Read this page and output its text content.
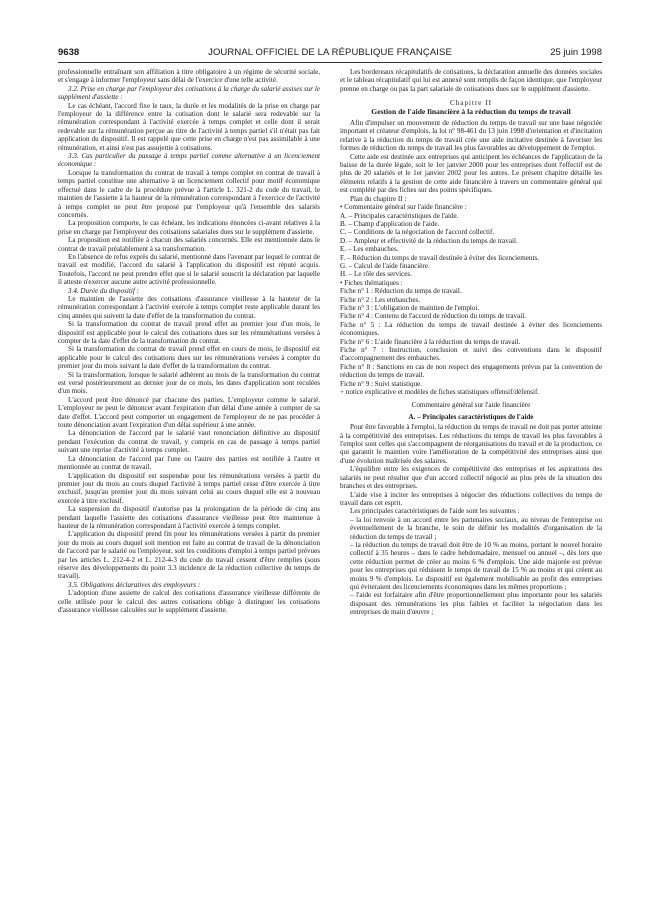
9638	JOURNAL OFFICIEL DE LA RÉPUBLIQUE FRANÇAISE	25 juin 1998

professionnelle entraînant son affiliation à titre obligatoire à un régime de sécurité sociale, et s'engage à informer l'employeur sans délai de l'exercice d'une telle activité.

3.2. Prise en charge par l'employeur des cotisations à la charge du salarié assises sur le supplément d'assiette :

Le cas échéant, l'accord fixe le taux, la durée et les modalités de la prise en charge par l'employeur de la différence entre la cotisation dont le salarié sera redevable sur la rémunération correspondant à l'activité exercée à temps complet et celle dont il serait redevable sur la rémunération perçue au titre de l'activité à temps partiel s'il n'était pas fait application du dispositif. Il est rappelé que cette prise en charge n'est pas assimilable à une rémunération, et ainsi n'est pas assujettie à cotisations.

3.3. Cas particulier du passage à temps partiel comme alternative à un licenciement économique :

Lorsque la transformation du contrat de travail à temps complet en contrat de travail à temps partiel constitue une alternative à un licenciement collectif pour motif économique effectué dans le cadre de la procédure prévue à l'article L. 321-2 du code du travail, le maintien de l'assiette à la hauteur de la rémunération correspondant à l'exercice de l'activité à temps complet ne peut être proposé par l'employeur qu'à l'ensemble des salariés concernés.

La proposition comporte, le cas échéant, les indications énoncées ci-avant relatives à la prise en charge par l'employeur des cotisations salariales dues sur le supplément d'assiette.

La proposition est notifiée à chacun des salariés concernés. Elle est mentionnée dans le contrat de travail préalablement à sa transformation.

En l'absence de refus exprès du salarié, mentionné dans l'avenant par lequel le contrat de travail est modifié, l'accord du salarié à l'application du dispositif est réputé acquis. Toutefois, l'accord ne peut prendre effet que si le salarié souscrit la déclaration par laquelle il atteste n'exercer aucune autre activité professionnelle.

3.4. Durée du dispositif :

Le maintien de l'assiette des cotisations d'assurance vieillesse à la hauteur de la rémunération correspondant à l'activité exercée à temps complet reste applicable durant les cinq années qui suivent la date d'effet de la transformation du contrat.

Si la transformation du contrat de travail prend effet au premier jour d'un mois, le dispositif est applicable pour le calcul des cotisations dues sur les rémunérations versées à compter de la date d'effet de la transformation du contrat.

Si la transformation du contrat de travail prend effet en cours de mois, le dispositif est applicable pour le calcul des cotisations dues sur les rémunérations versées à compter du premier jour du mois suivant la date d'effet de la transformation du contrat.

Si la transformation, lorsque le salarié adhèrent au mois de la transformation du contrat est versé postérieurement au dernier jour de ce mois, les dates d'application sont reculées d'un mois.

L'accord peut être dénoncé par chacune des parties. L'employeur comme le salarié. L'employeur ne peut le dénoncer avant l'expiration d'un délai d'une année à compter de sa date d'effet. L'accord peut comporter un engagement de l'employeur de ne pas procéder à toute dénonciation avant l'expiration d'un délai supérieur à une année.

La dénonciation de l'accord par le salarié vaut renonciation définitive au dispositif pendant l'exécution du contrat de travail, y compris en cas de passage à temps partiel suivant une reprise d'activité à temps complet.

La dénonciation de l'accord par l'une ou l'autre des parties est notifiée à l'autre et mentionnée au contrat de travail.

L'application du dispositif est suspendue pour les rémunérations versées à partir du premier jour du mois au cours duquel l'activité à temps partiel cesse d'être exercée à titre exclusif, jusqu'au premier jour du mois suivant celui au cours duquel elle est à nouveau exercée à titre exclusif.

La suspension du dispositif n'autorise pas la prolongation de la période de cinq ans pendant laquelle l'assiette des cotisations d'assurance vieillesse peut être maintenue à hauteur de la rémunération correspondant à l'activité exercée à temps complet.

L'application du dispositif prend fin pour les rémunérations versées à partir du premier jour du mois au cours duquel soit mention est faite au contrat de travail de la dénonciation de l'accord par le salarié ou l'employeur, soit les conditions d'emploi à temps partiel prévues par les articles L. 212-4-2 et L. 212-4-3 du code du travail cessent d'être remplies (sous réserve des développements du point 3.3 incidence de la réduction collective du temps de travail).

3.5. Obligations déclaratives des employeurs :

L'adoption d'une assiette de calcul des cotisations d'assurance vieillesse différente de celle utilisée pour le calcul des autres cotisations oblige à distinguer les cotisations d'assurance vieillesse calculées sur le supplément d'assiette.

Les bordereaux récapitulatifs de cotisations, la déclaration annuelle des données sociales et le tableau récapitulatif qui lui est annexé sont remplis de façon identique, que l'employeur prenne en charge ou pas la part salariale de cotisations dues sur le supplément d'assiette.

Chapitre II

Gestion de l'aide financière à la réduction du temps de travail

Afin d'impulser un mouvement de réduction du temps de travail sur une base négociée important et créateur d'emplois, la loi n° 98-461 du 13 juin 1998 d'orientation et d'incitation relative à la réduction du temps de travail crée une aide incitative destinée à favoriser les formes de réduction du temps de travail les plus favorables au développement de l'emploi.

Cette aide est destinée aux entreprises qui anticipent les échéances de l'application de la baisse de la durée légale, soit le 1er janvier 2000 pour les entreprises dont l'effectif est de plus de 20 salariés et le 1er janvier 2002 pour les autres. Le présent chapitre détaille les éléments relatifs à la gestion de cette aide financière à travers un commentaire général qui est complété par des fiches sur des points spécifiques.

Plan du chapitre II :

• Commentaire général sur l'aide financière :

A. – Principales caractéristiques de l'aide.

B. – Champ d'application de l'aide.

C. – Conditions de la négociation de l'accord collectif.

D. – Ampleur et effectivité de la réduction du temps de travail.

E. – Les embauches.

F. – Réduction du temps de travail destinée à éviter des licenciements.

G. – Calcul de l'aide financière.

H. – Le rôle des services.

• Fiches thématiques :

Fiche n° 1 : Réduction du temps de travail.

Fiche n° 2 : Les embauches.

Fiche n° 3 : L'obligation de maintien de l'emploi.

Fiche n° 4 : Contenu de l'accord de réduction du temps de travail.

Fiche n° 5 : La réduction du temps de travail destinée à éviter des licenciements économiques.

Fiche n° 6 : L'aide financière à la réduction du temps de travail.

Fiche n° 7 : Instruction, conclusion et suivi des conventions dans le dispositif d'accompagnement des embauches.

Fiche n° 8 : Sanctions en cas de non respect des engagements prévus par la convention de réduction du temps de travail.

Fiche n° 9 : Suivi statistique.

+ notice explicative et modèles de fiches statistiques offensif/défensif.

Commentaire général sur l'aide financière

A. – Principales caractéristiques de l'aide

Pour être favorable à l'emploi, la réduction du temps de travail ne doit pas porter atteinte à la compétitivité des entreprises. Les réductions du temps de travail les plus favorables à l'emploi sont celles qui s'accompagnent de réorganisations du travail et de la production, ce qui garantit le maintien voire l'amélioration de la compétitivité des entreprises ainsi que d'une évolution maîtrisée des salaires.

L'équilibre entre les exigences de compétitivité des entreprises et les aspirations des salariés ne peut résulter que d'un accord collectif négocié au plus près de la situation des branches et des entreprises.

L'aide vise à inciter les entreprises à négocier des réductions collectives du temps de travail dans cet esprit.

Les principales caractéristiques de l'aide sont les suivantes :

– la loi renvoie à un accord entre les partenaires sociaux, au niveau de l'entreprise ou éventuellement de la branche, le soin de définir les modalités d'organisation de la réduction du temps de travail ;

– la réduction du temps de travail doit être de 10 % au moins, portant le nouvel horaire collectif à 35 heures – dans le cadre hebdomadaire, mensuel ou annuel –, dès lors que cette réduction permet de créer au moins 6 % d'emplois. Une aide majorée est prévue pour les entreprises qui réduisent le temps de travail de 15 % au moins et qui créent au moins 9 % d'emplois. Le dispositif est également mobilisable au profit des entreprises qui éviteraient des licenciements économiques dans les mêmes proportions ;

– l'aide est forfaitaire afin d'être proportionnellement plus importante pour les salariés disposant des rémunérations les plus faibles et faciliter la négociation dans les entreprises de main d'œuvre ;
